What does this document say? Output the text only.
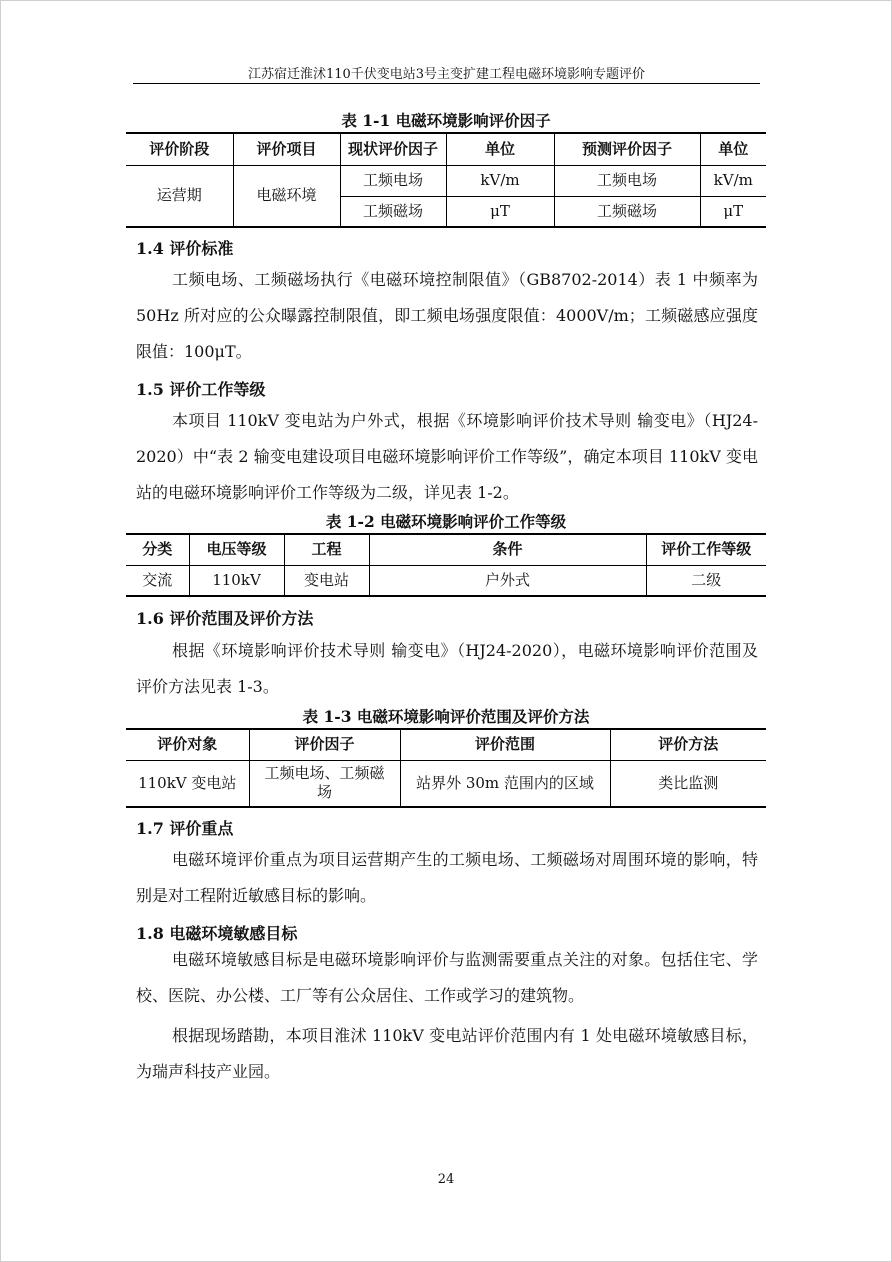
江苏宿迁淮沭110千伏变电站3号主变扩建工程电磁环境影响专题评价
表 1-1 电磁环境影响评价因子
评价阶段	评价项目	现状评价因子	单位	预测评价因子	单位
运营期	电磁环境	工频电场	kV/m	工频电场	kV/m
		工频磁场	μT	工频磁场	μT
1.4 评价标准

工频电场、工频磁场执行《电磁环境控制限值》（GB8702-2014）表 1 中频率为 50Hz 所对应的公众曝露控制限值，即工频电场强度限值：4000V/m；工频磁感应强度限值：100μT。

1.5 评价工作等级

本项目 110kV 变电站为户外式，根据《环境影响评价技术导则 输变电》（HJ24-2020）中“表 2 输变电建设项目电磁环境影响评价工作等级”，确定本项目 110kV 变电站的电磁环境影响评价工作等级为二级，详见表 1-2。

表 1-2 电磁环境影响评价工作等级
分类	电压等级	工程	条件	评价工作等级
交流	110kV	变电站	户外式	二级
1.6 评价范围及评价方法

根据《环境影响评价技术导则 输变电》（HJ24-2020），电磁环境影响评价范围及评价方法见表 1-3。

表 1-3 电磁环境影响评价范围及评价方法
评价对象	评价因子	评价范围	评价方法
110kV 变电站	工频电场、工频磁场	站界外 30m 范围内的区域	类比监测
1.7 评价重点

电磁环境评价重点为项目运营期产生的工频电场、工频磁场对周围环境的影响，特别是对工程附近敏感目标的影响。

1.8 电磁环境敏感目标

电磁环境敏感目标是电磁环境影响评价与监测需要重点关注的对象。包括住宅、学校、医院、办公楼、工厂等有公众居住、工作或学习的建筑物。

根据现场踏勘，本项目淮沭 110kV 变电站评价范围内有 1 处电磁环境敏感目标，为瑞声科技产业园。

24
